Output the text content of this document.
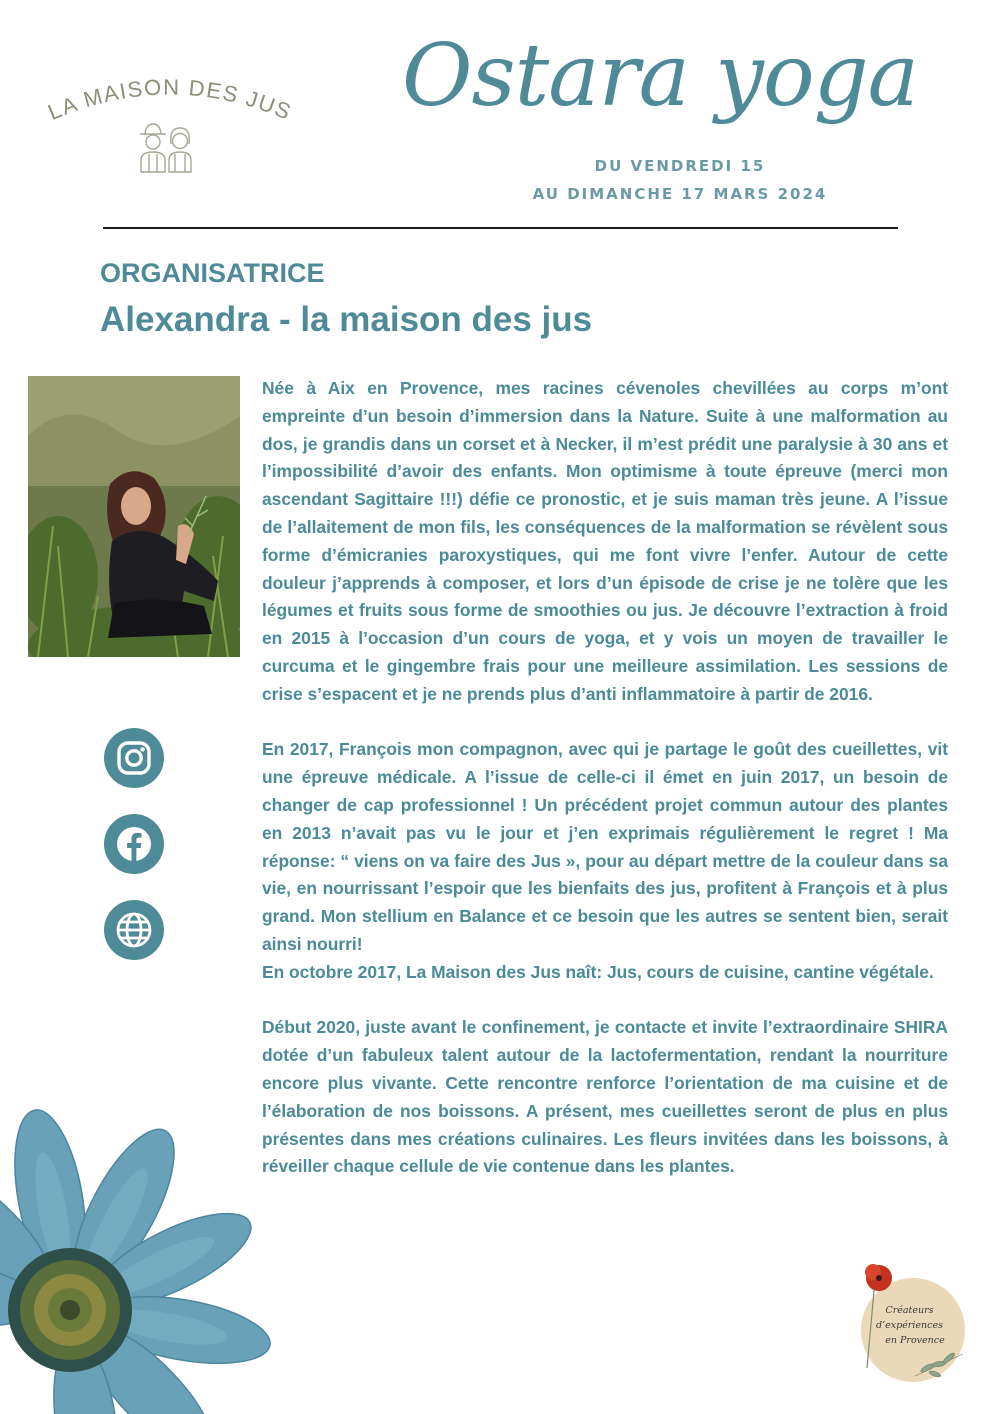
LA MAISON DES JUS Ostara yoga
DU VENDREDI 15
AU DIMANCHE 17 MARS 2024
ORGANISATRICE
Alexandra - la maison des jus

Née à Aix en Provence, mes racines cévenoles chevillées au corps m’ont empreinte d’un besoin d’immersion dans la Nature. Suite à une malformation au dos, je grandis dans un corset et à Necker, il m’est prédit une paralysie à 30 ans et l’impossibilité d’avoir des enfants. Mon optimisme à toute épreuve (merci mon ascendant Sagittaire !!!) défie ce pronostic, et je suis maman très jeune. A l’issue de l’allaitement de mon fils, les conséquences de la malformation se révèlent sous forme d’émicranies paroxystiques, qui me font vivre l’enfer. Autour de cette douleur j’apprends à composer, et lors d’un épisode de crise je ne tolère que les légumes et fruits sous forme de smoothies ou jus. Je découvre l’extraction à froid en 2015 à l’occasion d’un cours de yoga, et y vois un moyen de travailler le curcuma et le gingembre frais pour une meilleure assimilation. Les sessions de crise s’espacent et je ne prends plus d’anti inflammatoire à partir de 2016.

En 2017, François mon compagnon, avec qui je partage le goût des cueillettes, vit une épreuve médicale. A l’issue de celle-ci il émet en juin 2017, un besoin de changer de cap professionnel ! Un précédent projet commun autour des plantes en 2013 n’avait pas vu le jour et j’en exprimais régulièrement le regret ! Ma réponse: “ viens on va faire des Jus », pour au départ mettre de la couleur dans sa vie, en nourrissant l’espoir que les bienfaits des jus, profitent à François et à plus grand. Mon stellium en Balance et ce besoin que les autres se sentent bien, serait ainsi nourri!

En octobre 2017, La Maison des Jus naît: Jus, cours de cuisine, cantine végétale.

Début 2020, juste avant le confinement, je contacte et invite l’extraordinaire SHIRA dotée d’un fabuleux talent autour de la lactofermentation, rendant la nourriture encore plus vivante. Cette rencontre renforce l’orientation de ma cuisine et de l’élaboration de nos boissons. A présent, mes cueillettes seront de plus en plus présentes dans mes créations culinaires. Les fleurs invitées dans les boissons, à réveiller chaque cellule de vie contenue dans les plantes.

Créateurs d’expériences en Provence
